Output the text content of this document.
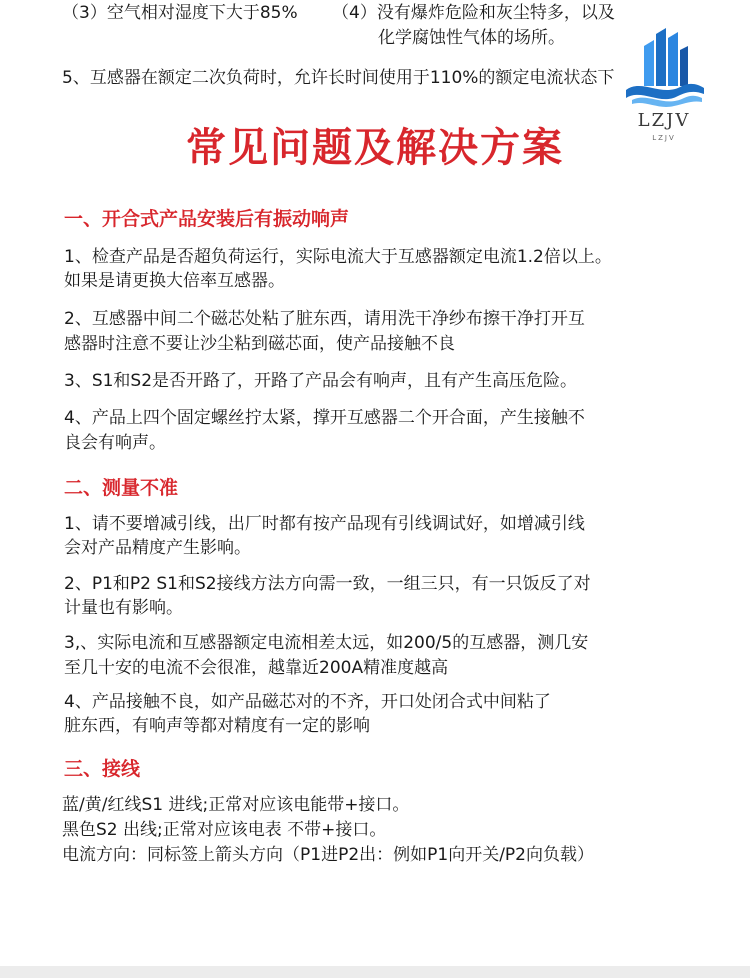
（3）空气相对湿度下大于85% （4）没有爆炸危险和灰尘特多，以及

化学腐蚀性气体的场所。

5、互感器在额定二次负荷时，允许长时间使用于110%的额定电流状态下

LZJV
LZJV
常见问题及解决方案
一、开合式产品安装后有振动响声

1、检查产品是否超负荷运行，实际电流大于互感器额定电流1.2倍以上。

如果是请更换大倍率互感器。

2、互感器中间二个磁芯处粘了脏东西，请用洗干净纱布擦干净打开互

感器时注意不要让沙尘粘到磁芯面，使产品接触不良

3、S1和S2是否开路了，开路了产品会有响声，且有产生高压危险。

4、产品上四个固定螺丝拧太紧，撑开互感器二个开合面，产生接触不

良会有响声。

二、测量不准

1、请不要增减引线，出厂时都有按产品现有引线调试好，如增减引线

会对产品精度产生影响。

2、P1和P2 S1和S2接线方法方向需一致，一组三只，有一只饭反了对

计量也有影响。

3,、实际电流和互感器额定电流相差太远，如200/5的互感器，测几安

至几十安的电流不会很准，越靠近200A精准度越高

4、产品接触不良，如产品磁芯对的不齐，开口处闭合式中间粘了

脏东西，有响声等都对精度有一定的影响

三、接线

蓝/黄/红线S1 进线;正常对应该电能带+接口。

黑色S2 出线;正常对应该电表 不带+接口。

电流方向：同标签上箭头方向（P1进P2出：例如P1向开关/P2向负载）
